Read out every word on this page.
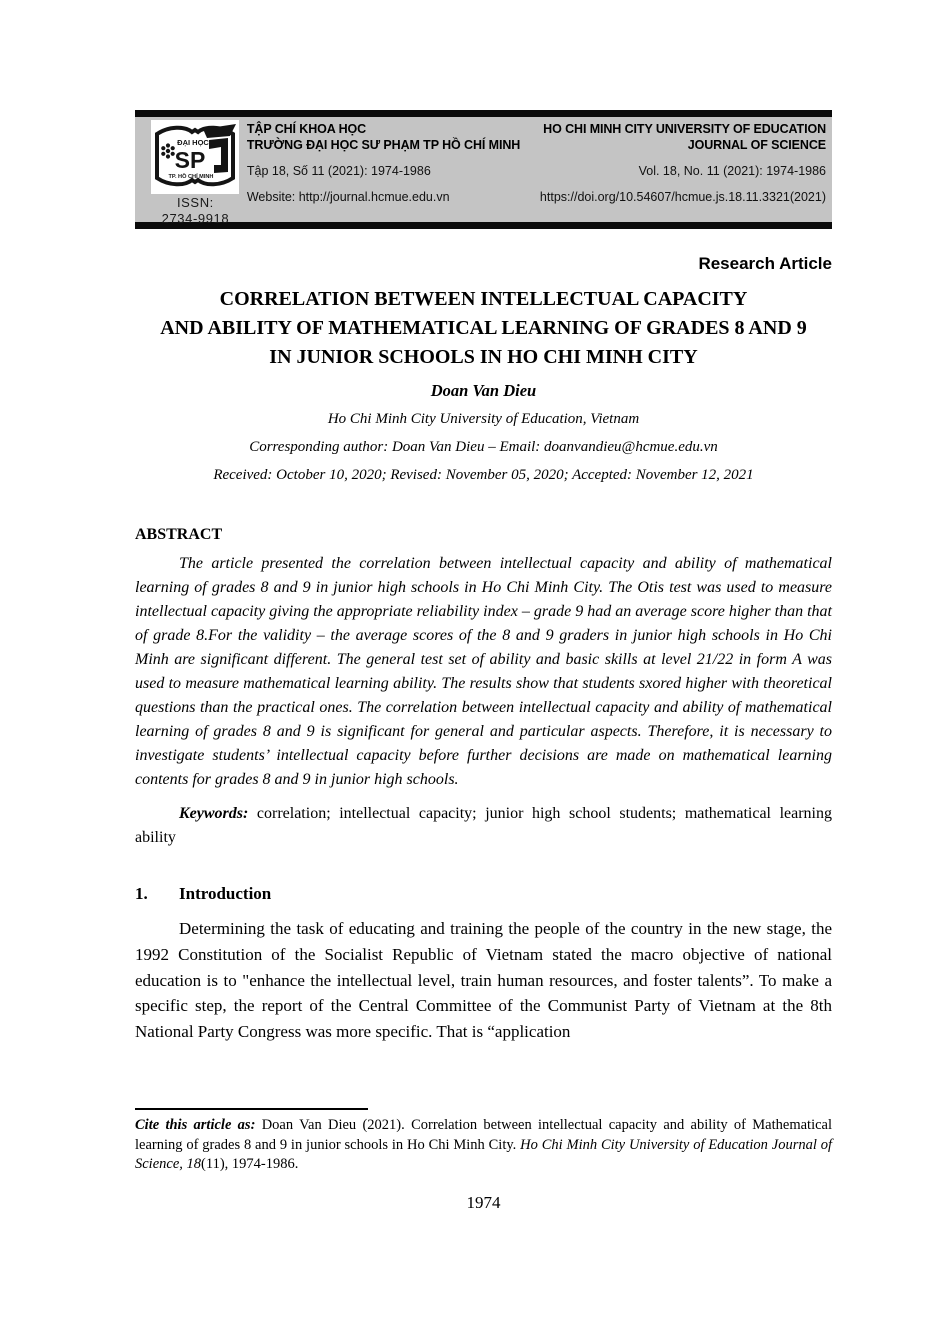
ĐẠI HỌC
SP
TP. HỒ CHÍ MINH
ISSN:
2734-9918
TẬP CHÍ KHOA HỌC
TRƯỜNG ĐẠI HỌC SƯ PHẠM TP HỒ CHÍ MINH
Tập 18, Số 11 (2021): 1974-1986
Website: http://journal.hcmue.edu.vn
HO CHI MINH CITY UNIVERSITY OF EDUCATION
JOURNAL OF SCIENCE
Vol. 18, No. 11 (2021): 1974-1986
https://doi.org/10.54607/hcmue.js.18.11.3321(2021)
Research Article
CORRELATION BETWEEN INTELLECTUAL CAPACITY
AND ABILITY OF MATHEMATICAL LEARNING OF GRADES 8 AND 9
IN JUNIOR SCHOOLS IN HO CHI MINH CITY
Doan Van Dieu
Ho Chi Minh City University of Education, Vietnam
Corresponding author: Doan Van Dieu – Email: doanvandieu@hcmue.edu.vn
Received: October 10, 2020; Revised: November 05, 2020; Accepted: November 12, 2021
ABSTRACT

The article presented the correlation between intellectual capacity and ability of mathematical learning of grades 8 and 9 in junior high schools in Ho Chi Minh City. The Otis test was used to measure intellectual capacity giving the appropriate reliability index – grade 9 had an average score higher than that of grade 8.For the validity – the average scores of the 8 and 9 graders in junior high schools in Ho Chi Minh are significant different. The general test set of ability and basic skills at level 21/22 in form A was used to measure mathematical learning ability. The results show that students sxored higher with theoretical questions than the practical ones. The correlation between intellectual capacity and ability of mathematical learning of grades 8 and 9 is significant for general and particular aspects. Therefore, it is necessary to investigate students’ intellectual capacity before further decisions are made on mathematical learning contents for grades 8 and 9 in junior high schools.

Keywords: correlation; intellectual capacity; junior high school students; mathematical learning ability

1.	Introduction

Determining the task of educating and training the people of the country in the new stage, the 1992 Constitution of the Socialist Republic of Vietnam stated the macro objective of national education is to "enhance the intellectual level, train human resources, and foster talents”. To make a specific step, the report of the Central Committee of the Communist Party of Vietnam at the 8th National Party Congress was more specific. That is “application

Cite this article as: Doan Van Dieu (2021). Correlation between intellectual capacity and ability of Mathematical learning of grades 8 and 9 in junior schools in Ho Chi Minh City. Ho Chi Minh City University of Education Journal of Science, 18(11), 1974-1986.

1974
